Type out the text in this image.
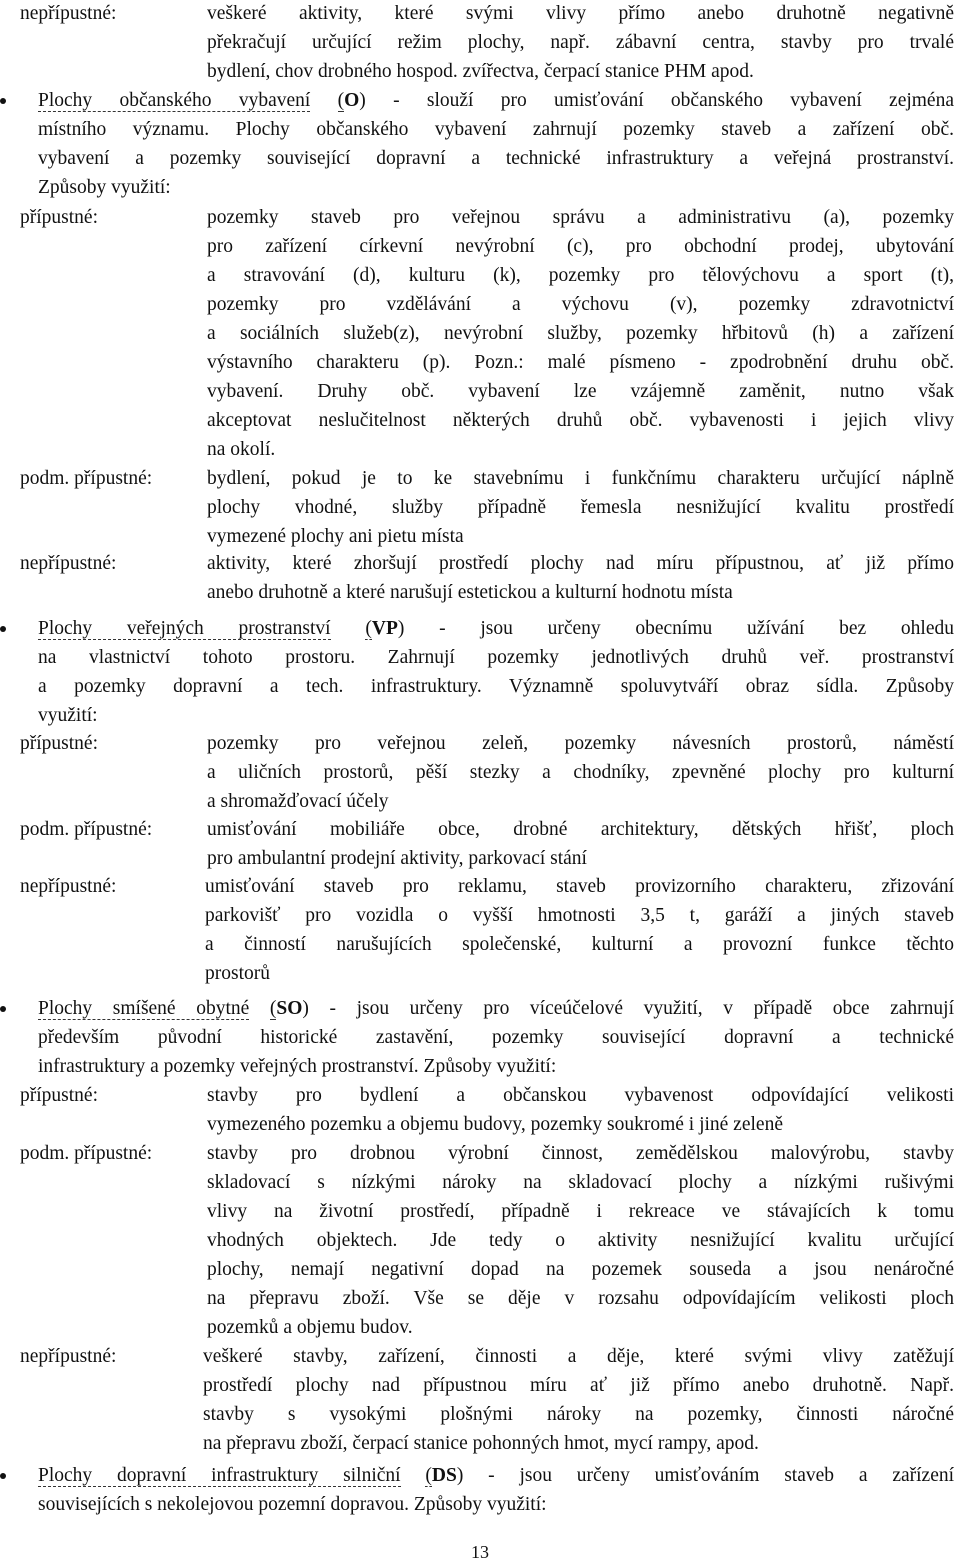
nepřípustné:	veškeré aktivity, které svými vlivy přímo anebo druhotně negativně
překračují určující režim plochy, např. zábavní centra, stavby pro trvalé
bydlení, chov drobného hospod. zvířectva, čerpací stanice PHM apod.
Plochy občanského vybavení (O) - slouží pro umisťování občanského vybavení zejména
místního významu. Plochy občanského vybavení zahrnují pozemky staveb a zařízení obč.
vybavení a pozemky související dopravní a technické infrastruktury a veřejná prostranství.
Způsoby využití:
přípustné:	pozemky staveb pro veřejnou správu a administrativu (a), pozemky
pro zařízení církevní nevýrobní (c), pro obchodní prodej, ubytování
a stravování (d), kulturu (k), pozemky pro tělovýchovu a sport (t),
pozemky pro vzdělávání a výchovu (v), pozemky zdravotnictví
a sociálních služeb(z), nevýrobní služby, pozemky hřbitovů (h) a zařízení
výstavního charakteru (p). Pozn.: malé písmeno - zpodrobnění druhu obč.
vybavení. Druhy obč. vybavení lze vzájemně zaměnit, nutno však
akceptovat neslučitelnost některých druhů obč. vybavenosti i jejich vlivy
na okolí.
podm. přípustné:	bydlení, pokud je to ke stavebnímu i funkčnímu charakteru určující náplně
plochy vhodné, služby případně řemesla nesnižující kvalitu prostředí
vymezené plochy ani pietu místa
nepřípustné:	aktivity, které zhoršují prostředí plochy nad míru přípustnou, ať již přímo
anebo druhotně a které narušují estetickou a kulturní hodnotu místa
Plochy veřejných prostranství (VP) - jsou určeny obecnímu užívání bez ohledu
na vlastnictví tohoto prostoru. Zahrnují pozemky jednotlivých druhů veř. prostranství
a pozemky dopravní a tech. infrastruktury. Významně spoluvytváří obraz sídla. Způsoby
využití:
přípustné:	pozemky pro veřejnou zeleň, pozemky návesních prostorů, náměstí
a uličních prostorů, pěší stezky a chodníky, zpevněné plochy pro kulturní
a shromažďovací účely
podm. přípustné:	umisťování mobiliáře obce, drobné architektury, dětských hřišť, ploch
pro ambulantní prodejní aktivity, parkovací stání
nepřípustné:	umisťování staveb pro reklamu, staveb provizorního charakteru, zřizování
parkovišť pro vozidla o vyšší hmotnosti 3,5 t, garáží a jiných staveb
a činností narušujících společenské, kulturní a provozní funkce těchto
prostorů
Plochy smíšené obytné (SO) - jsou určeny pro víceúčelové využití, v případě obce zahrnují
především původní historické zastavění, pozemky související dopravní a technické
infrastruktury a pozemky veřejných prostranství. Způsoby využití:
přípustné:	stavby pro bydlení a občanskou vybavenost odpovídající velikosti
vymezeného pozemku a objemu budovy, pozemky soukromé i jiné zeleně
podm. přípustné:	stavby pro drobnou výrobní činnost, zemědělskou malovýrobu, stavby
skladovací s nízkými nároky na skladovací plochy a nízkými rušivými
vlivy na životní prostředí, případně i rekreace ve stávajících k tomu
vhodných objektech. Jde tedy o aktivity nesnižující kvalitu určující
plochy, nemají negativní dopad na pozemek souseda a jsou nenáročné
na přepravu zboží. Vše se děje v rozsahu odpovídajícím velikosti ploch
pozemků a objemu budov.
nepřípustné:	veškeré stavby, zařízení, činnosti a děje, které svými vlivy zatěžují
prostředí plochy nad přípustnou míru ať již přímo anebo druhotně. Např.
stavby s vysokými plošnými nároky na pozemky, činnosti náročné
na přepravu zboží, čerpací stanice pohonných hmot, mycí rampy, apod.
Plochy dopravní infrastruktury silniční (DS) - jsou určeny umisťováním staveb a zařízení
souvisejících s nekolejovou pozemní dopravou. Způsoby využití:
13
